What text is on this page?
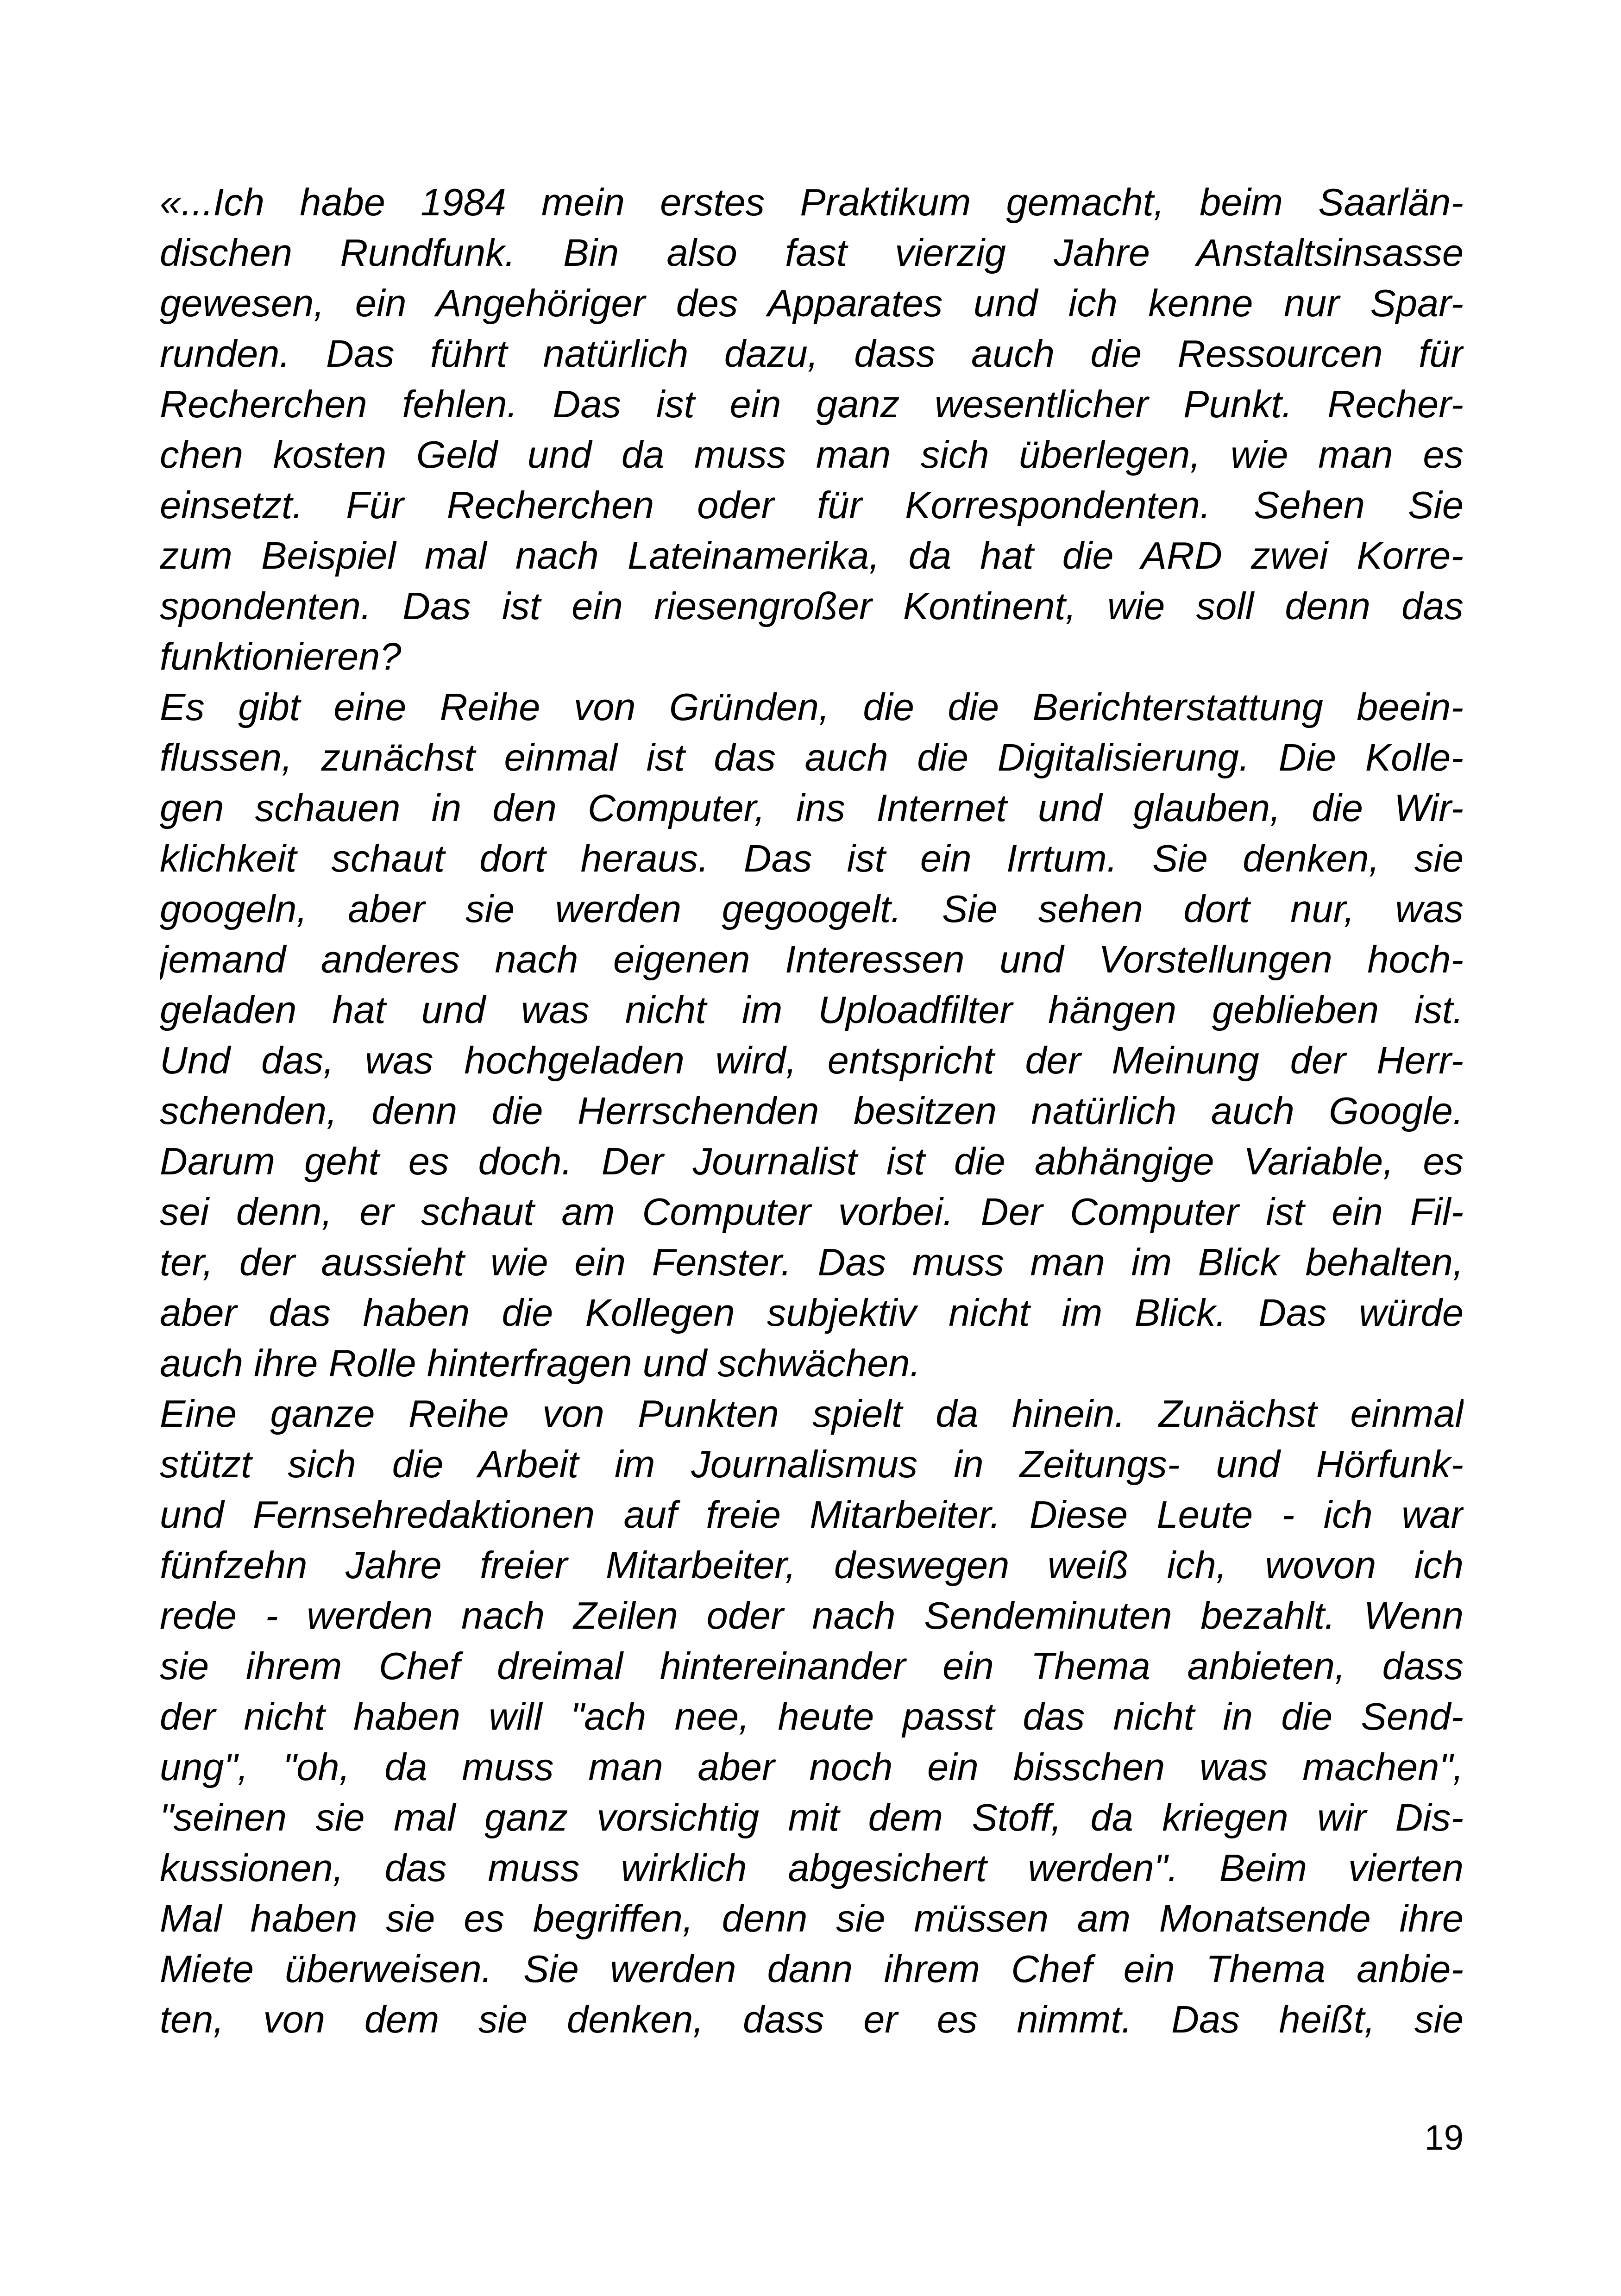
«...Ich habe 1984 mein erstes Praktikum gemacht, beim Saarlän-
dischen Rundfunk. Bin also fast vierzig Jahre Anstaltsinsasse
gewesen, ein Angehöriger des Apparates und ich kenne nur Spar-
runden. Das führt natürlich dazu, dass auch die Ressourcen für
Recherchen fehlen. Das ist ein ganz wesentlicher Punkt. Recher-
chen kosten Geld und da muss man sich überlegen, wie man es
einsetzt. Für Recherchen oder für Korrespondenten. Sehen Sie
zum Beispiel mal nach Lateinamerika, da hat die ARD zwei Korre-
spondenten. Das ist ein riesengroßer Kontinent, wie soll denn das
funktionieren?
Es gibt eine Reihe von Gründen, die die Berichterstattung beein-
flussen, zunächst einmal ist das auch die Digitalisierung. Die Kolle-
gen schauen in den Computer, ins Internet und glauben, die Wir-
klichkeit schaut dort heraus. Das ist ein Irrtum. Sie denken, sie
googeln, aber sie werden gegoogelt. Sie sehen dort nur, was
jemand anderes nach eigenen Interessen und Vorstellungen hoch-
geladen hat und was nicht im Uploadfilter hängen geblieben ist.
Und das, was hochgeladen wird, entspricht der Meinung der Herr-
schenden, denn die Herrschenden besitzen natürlich auch Google.
Darum geht es doch. Der Journalist ist die abhängige Variable, es
sei denn, er schaut am Computer vorbei. Der Computer ist ein Fil-
ter, der aussieht wie ein Fenster. Das muss man im Blick behalten,
aber das haben die Kollegen subjektiv nicht im Blick. Das würde
auch ihre Rolle hinterfragen und schwächen.
Eine ganze Reihe von Punkten spielt da hinein. Zunächst einmal
stützt sich die Arbeit im Journalismus in Zeitungs- und Hörfunk-
und Fernsehredaktionen auf freie Mitarbeiter. Diese Leute - ich war
fünfzehn Jahre freier Mitarbeiter, deswegen weiß ich, wovon ich
rede - werden nach Zeilen oder nach Sendeminuten bezahlt. Wenn
sie ihrem Chef dreimal hintereinander ein Thema anbieten, dass
der nicht haben will "ach nee, heute passt das nicht in die Send-
ung", "oh, da muss man aber noch ein bisschen was machen",
"seinen sie mal ganz vorsichtig mit dem Stoff, da kriegen wir Dis-
kussionen, das muss wirklich abgesichert werden". Beim vierten
Mal haben sie es begriffen, denn sie müssen am Monatsende ihre
Miete überweisen. Sie werden dann ihrem Chef ein Thema anbie-
ten, von dem sie denken, dass er es nimmt. Das heißt, sie
19
